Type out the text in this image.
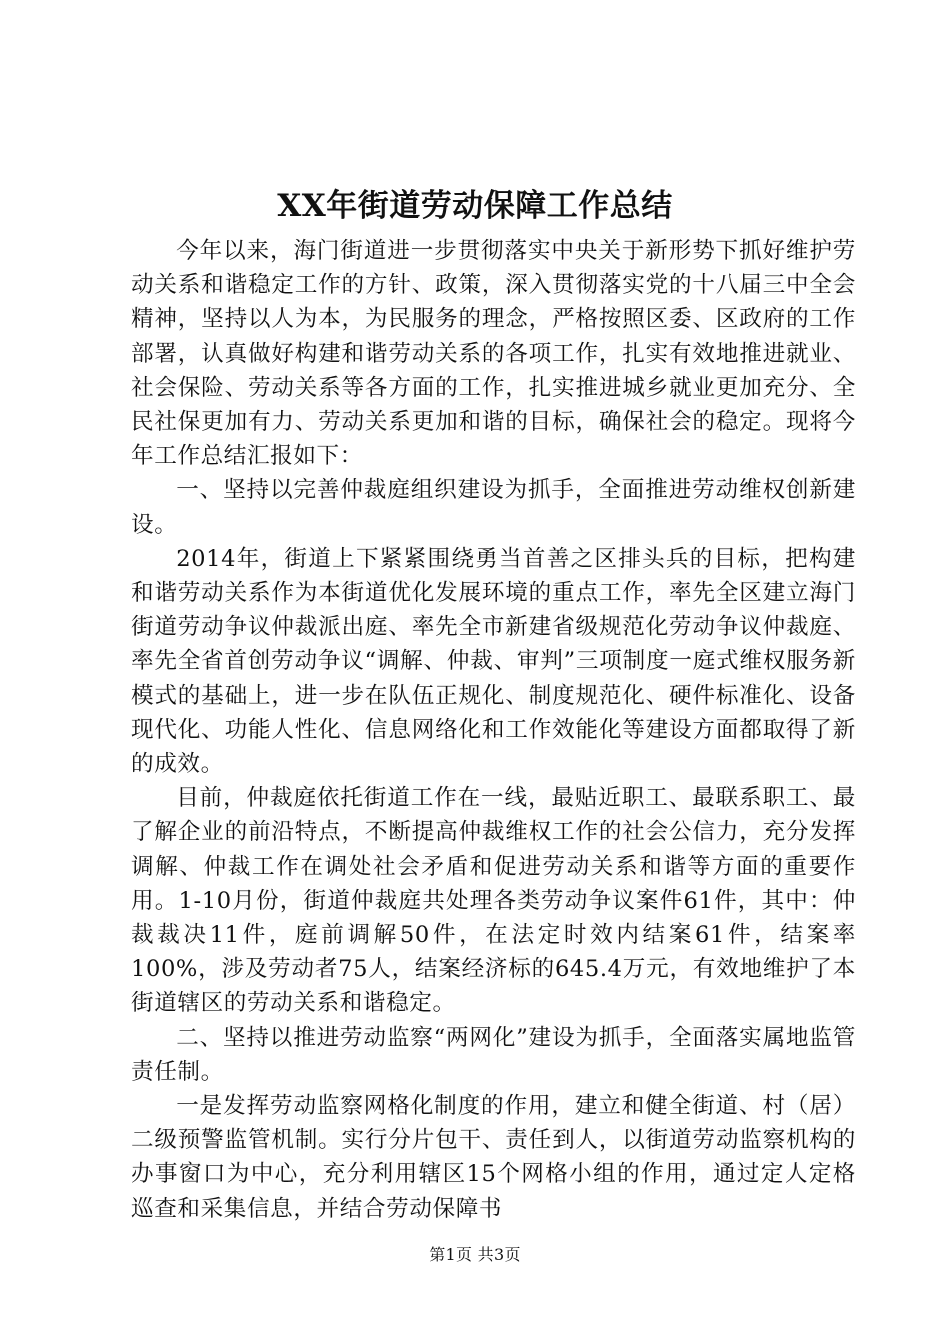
XX年街道劳动保障工作总结

今年以来，海门街道进一步贯彻落实中央关于新形势下抓好维护劳动关系和谐稳定工作的方针、政策，深入贯彻落实党的十八届三中全会精神，坚持以人为本，为民服务的理念，严格按照区委、区政府的工作部署，认真做好构建和谐劳动关系的各项工作，扎实有效地推进就业、社会保险、劳动关系等各方面的工作，扎实推进城乡就业更加充分、全民社保更加有力、劳动关系更加和谐的目标，确保社会的稳定。现将今年工作总结汇报如下：

一、坚持以完善仲裁庭组织建设为抓手，全面推进劳动维权创新建设。

2014年，街道上下紧紧围绕勇当首善之区排头兵的目标，把构建和谐劳动关系作为本街道优化发展环境的重点工作，率先全区建立海门街道劳动争议仲裁派出庭、率先全市新建省级规范化劳动争议仲裁庭、率先全省首创劳动争议“调解、仲裁、审判”三项制度一庭式维权服务新模式的基础上，进一步在队伍正规化、制度规范化、硬件标准化、设备现代化、功能人性化、信息网络化和工作效能化等建设方面都取得了新的成效。

目前，仲裁庭依托街道工作在一线，最贴近职工、最联系职工、最了解企业的前沿特点，不断提高仲裁维权工作的社会公信力，充分发挥调解、仲裁工作在调处社会矛盾和促进劳动关系和谐等方面的重要作用。1-10月份，街道仲裁庭共处理各类劳动争议案件61件，其中：仲裁裁决11件，庭前调解50件，在法定时效内结案61件，结案率100%，涉及劳动者75人，结案经济标的645.4万元，有效地维护了本街道辖区的劳动关系和谐稳定。

二、坚持以推进劳动监察“两网化”建设为抓手，全面落实属地监管责任制。

一是发挥劳动监察网格化制度的作用，建立和健全街道、村（居）二级预警监管机制。实行分片包干、责任到人，以街道劳动监察机构的办事窗口为中心，充分利用辖区15个网格小组的作用，通过定人定格巡查和采集信息，并结合劳动保障书

第1页 共3页
